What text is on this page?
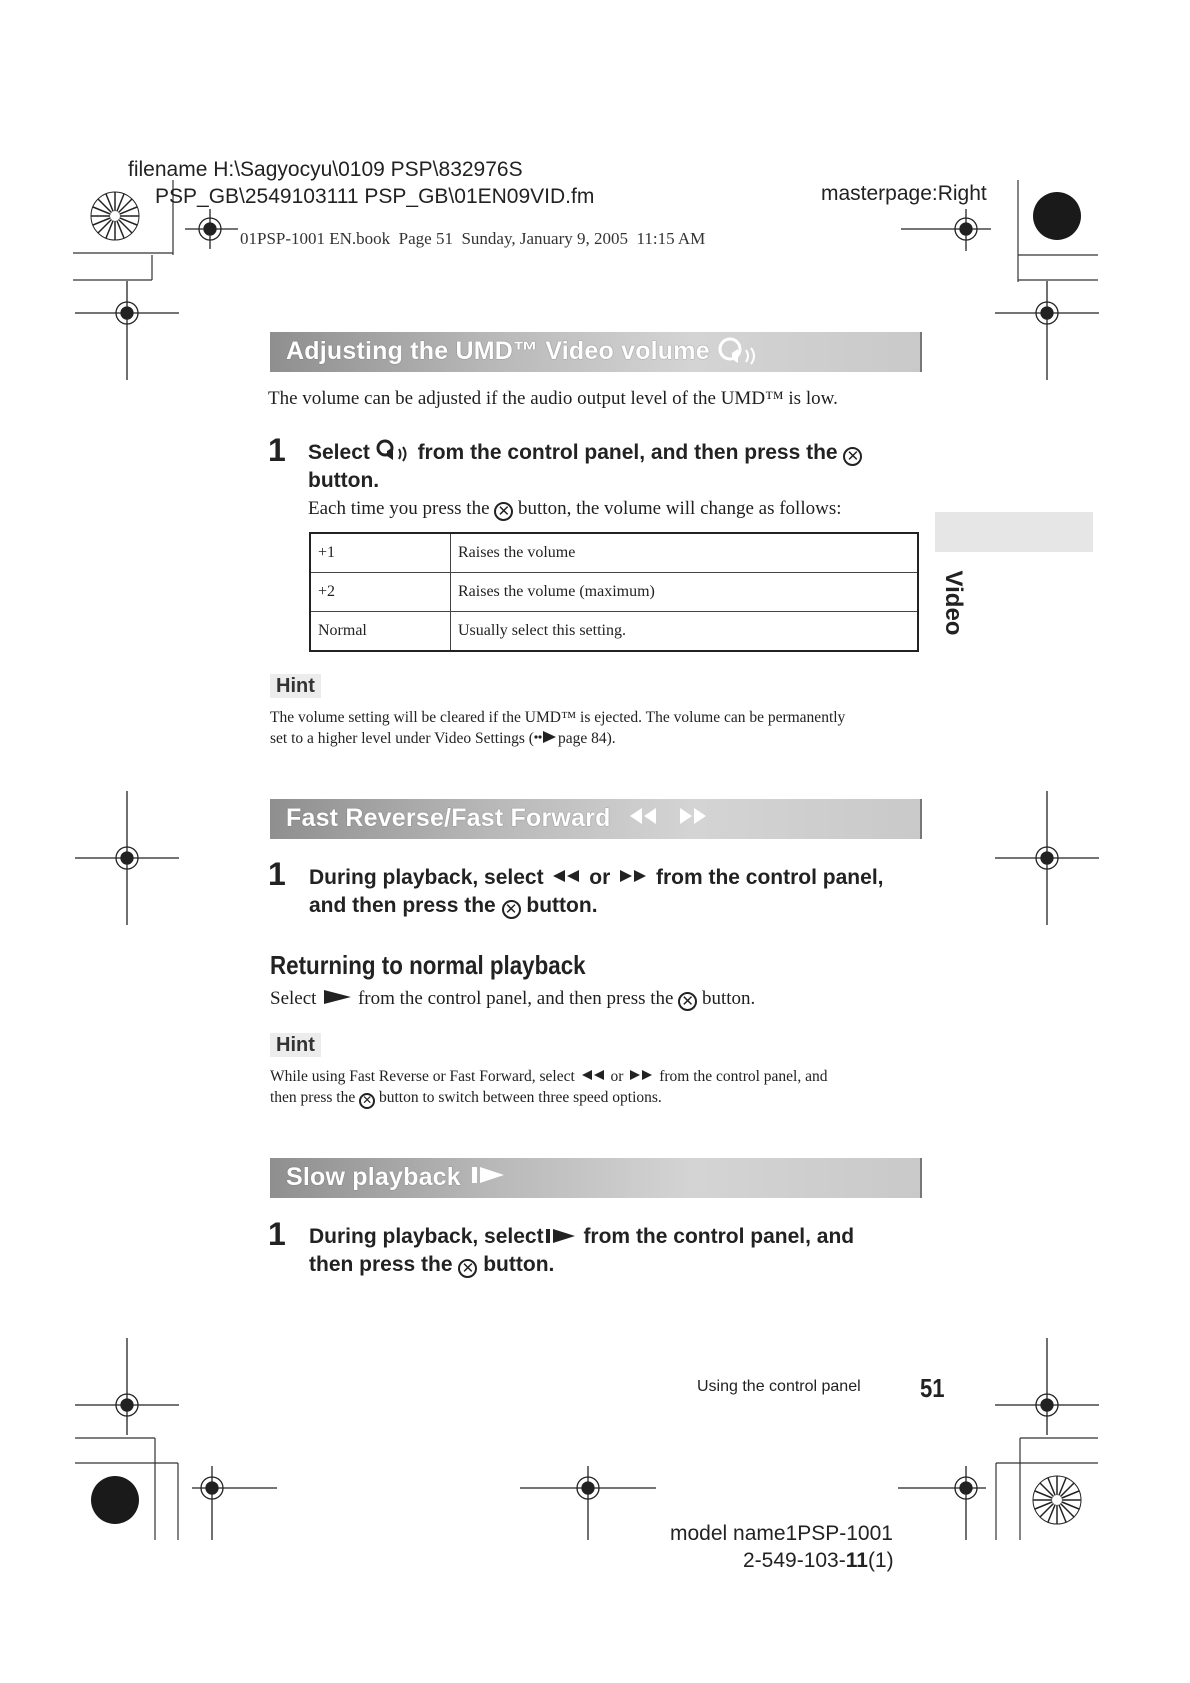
filename H:\Sagyocyu\0109 PSP\832976S
PSP_GB\2549103111 PSP_GB\01EN09VID.fm	masterpage:Right
01PSP-1001 EN.book  Page 51  Sunday, January 9, 2005  11:15 AM
Adjusting the UMD™ Video volume
The volume can be adjusted if the audio output level of the UMD™ is low.
1 Select from the control panel, and then press the ✕
button.
Each time you press the ✕ button, the volume will change as follows:
+1	Raises the volume
+2	Raises the volume (maximum)
Normal	Usually select this setting.
Hint
The volume setting will be cleared if the UMD™ is ejected. The volume can be permanently
set to a higher level under Video Settings ( page 84).
Video
Fast Reverse/Fast Forward
1 During playback, select or from the control panel,
and then press the ✕ button.
Returning to normal playback
Select from the control panel, and then press the ✕ button.
Hint
While using Fast Reverse or Fast Forward, select or from the control panel, and
then press the ✕ button to switch between three speed options.
Slow playback
1 During playback, select from the control panel, and
then press the ✕ button.
Using the control panel 51
model name1PSP-1001
2-549-103-11(1)
